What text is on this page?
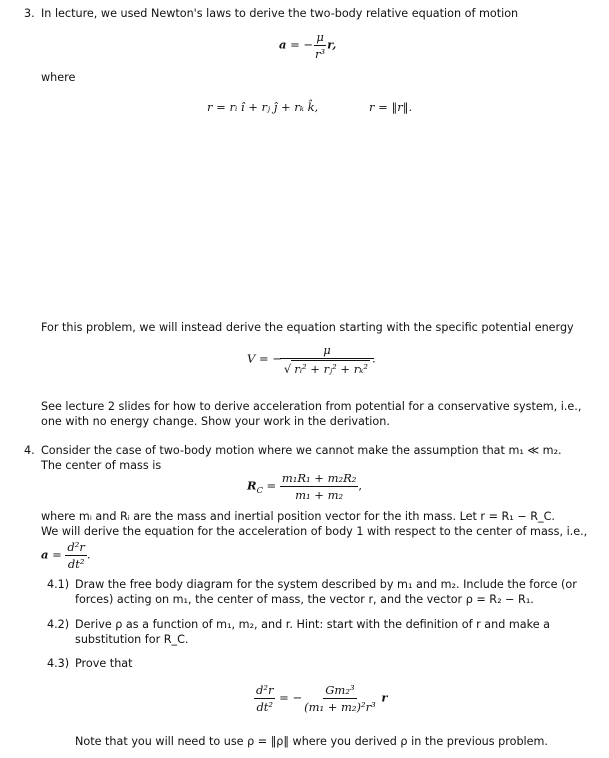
3. In lecture, we used Newton's laws to derive the two-body relative equation of motion
a = − $\frac{\mu}{\text{r³}} r$,
where
r = rᵢ î + rⱼ ĵ + rₖ k̂,	r = ‖r‖.
For this problem, we will instead derive the equation starting with the specific potential energy
V = − $\frac{\mu}{\text{√ rᵢ² + rⱼ² + rₖ²}}$ .
See lecture 2 slides for how to derive acceleration from potential for a conservative system, i.e., one with no energy change. Show your work in the derivation.
4. Consider the case of two-body motion where we cannot make the assumption that m₁ ≪ m₂.
The center of mass is
$R_C = \frac{\text{m₁R₁ + m₂R₂}}{\text{m₁ + m₂}}$ ,
where mᵢ and Rᵢ are the mass and inertial position vector for the ith mass. Let r = R₁ − R_C.
We will derive the equation for the acceleration of body 1 with respect to the center of mass, i.e.,
$a = \frac{\text{d²r}}{\text{dt²}}$ .
4.1) Draw the free body diagram for the system described by m₁ and m₂. Include the force (or
forces) acting on m₁, the center of mass, the vector r, and the vector ρ = R₂ − R₁.
4.2) Derive ρ as a function of m₁, m₂, and r. Hint: start with the definition of r and make a
substitution for R_C.
4.3) Prove that
$\frac{\text{d²r}}{\text{dt²}}$ = − $\frac{\text{Gm₂³}}{\text{(m₁ + m₂)²r³}}$ r
Note that you will need to use ρ = ‖ρ‖ where you derived ρ in the previous problem.
